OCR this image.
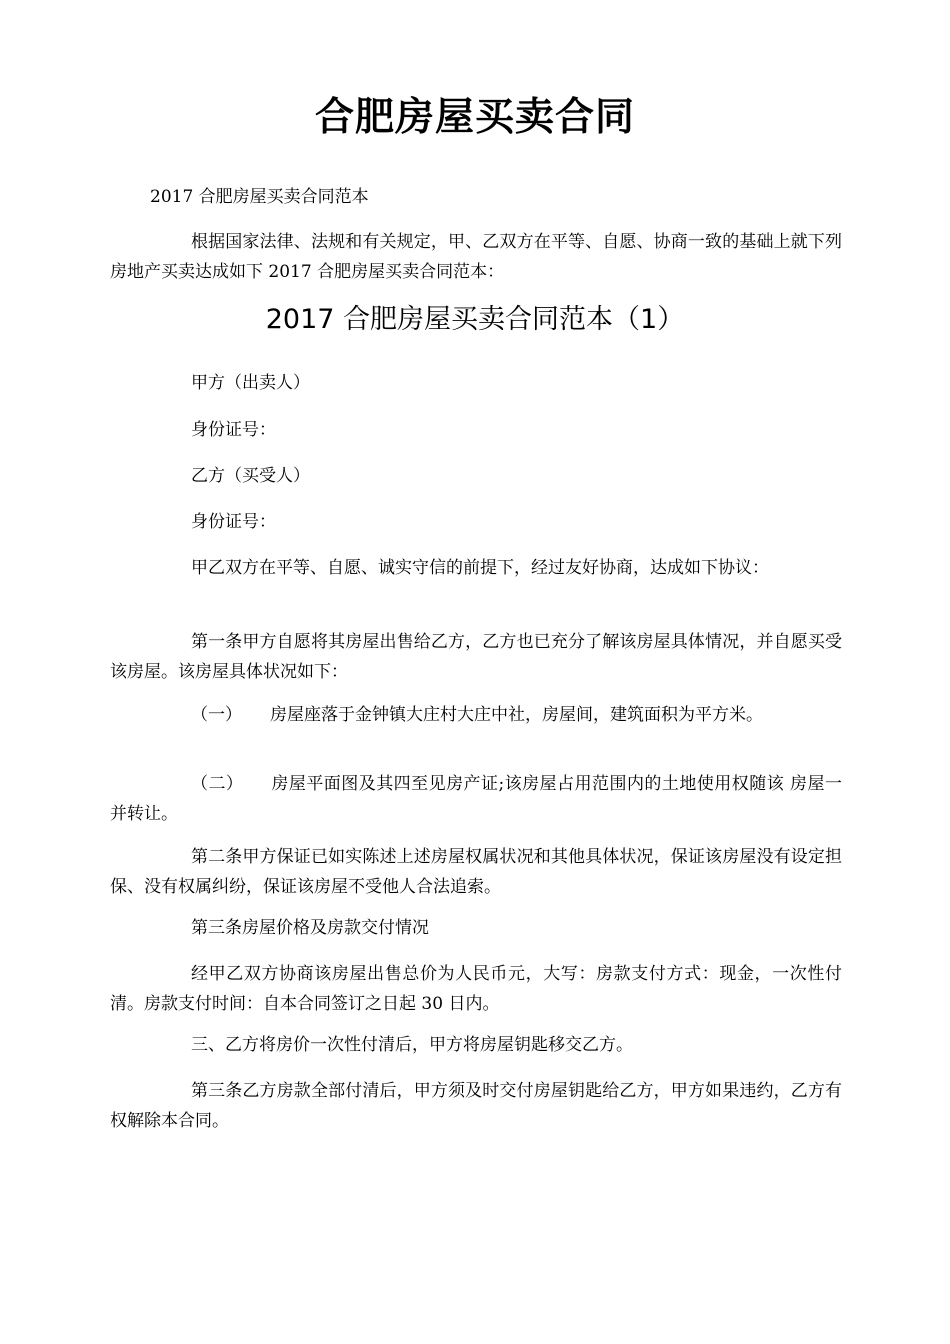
合肥房屋买卖合同

2017 合肥房屋买卖合同范本

根据国家法律、法规和有关规定，甲、乙双方在平等、自愿、协商一致的基础上就下列房地产买卖达成如下 2017 合肥房屋买卖合同范本：

2017 合肥房屋买卖合同范本（1）

甲方（出卖人）

身份证号：

乙方（买受人）

身份证号：

甲乙双方在平等、自愿、诚实守信的前提下，经过友好协商，达成如下协议：

第一条甲方自愿将其房屋出售给乙方，乙方也已充分了解该房屋具体情况，并自愿买受该房屋。该房屋具体状况如下：

（一） 房屋座落于金钟镇大庄村大庄中社，房屋间，建筑面积为平方米。

（二） 房屋平面图及其四至见房产证;该房屋占用范围内的土地使用权随该 房屋一并转让。

第二条甲方保证已如实陈述上述房屋权属状况和其他具体状况，保证该房屋没有设定担保、没有权属纠纷，保证该房屋不受他人合法追索。

第三条房屋价格及房款交付情况

经甲乙双方协商该房屋出售总价为人民币元，大写：房款支付方式：现金，一次性付清。房款支付时间：自本合同签订之日起 30 日内。

三、乙方将房价一次性付清后，甲方将房屋钥匙移交乙方。

第三条乙方房款全部付清后，甲方须及时交付房屋钥匙给乙方，甲方如果违约，乙方有权解除本合同。
